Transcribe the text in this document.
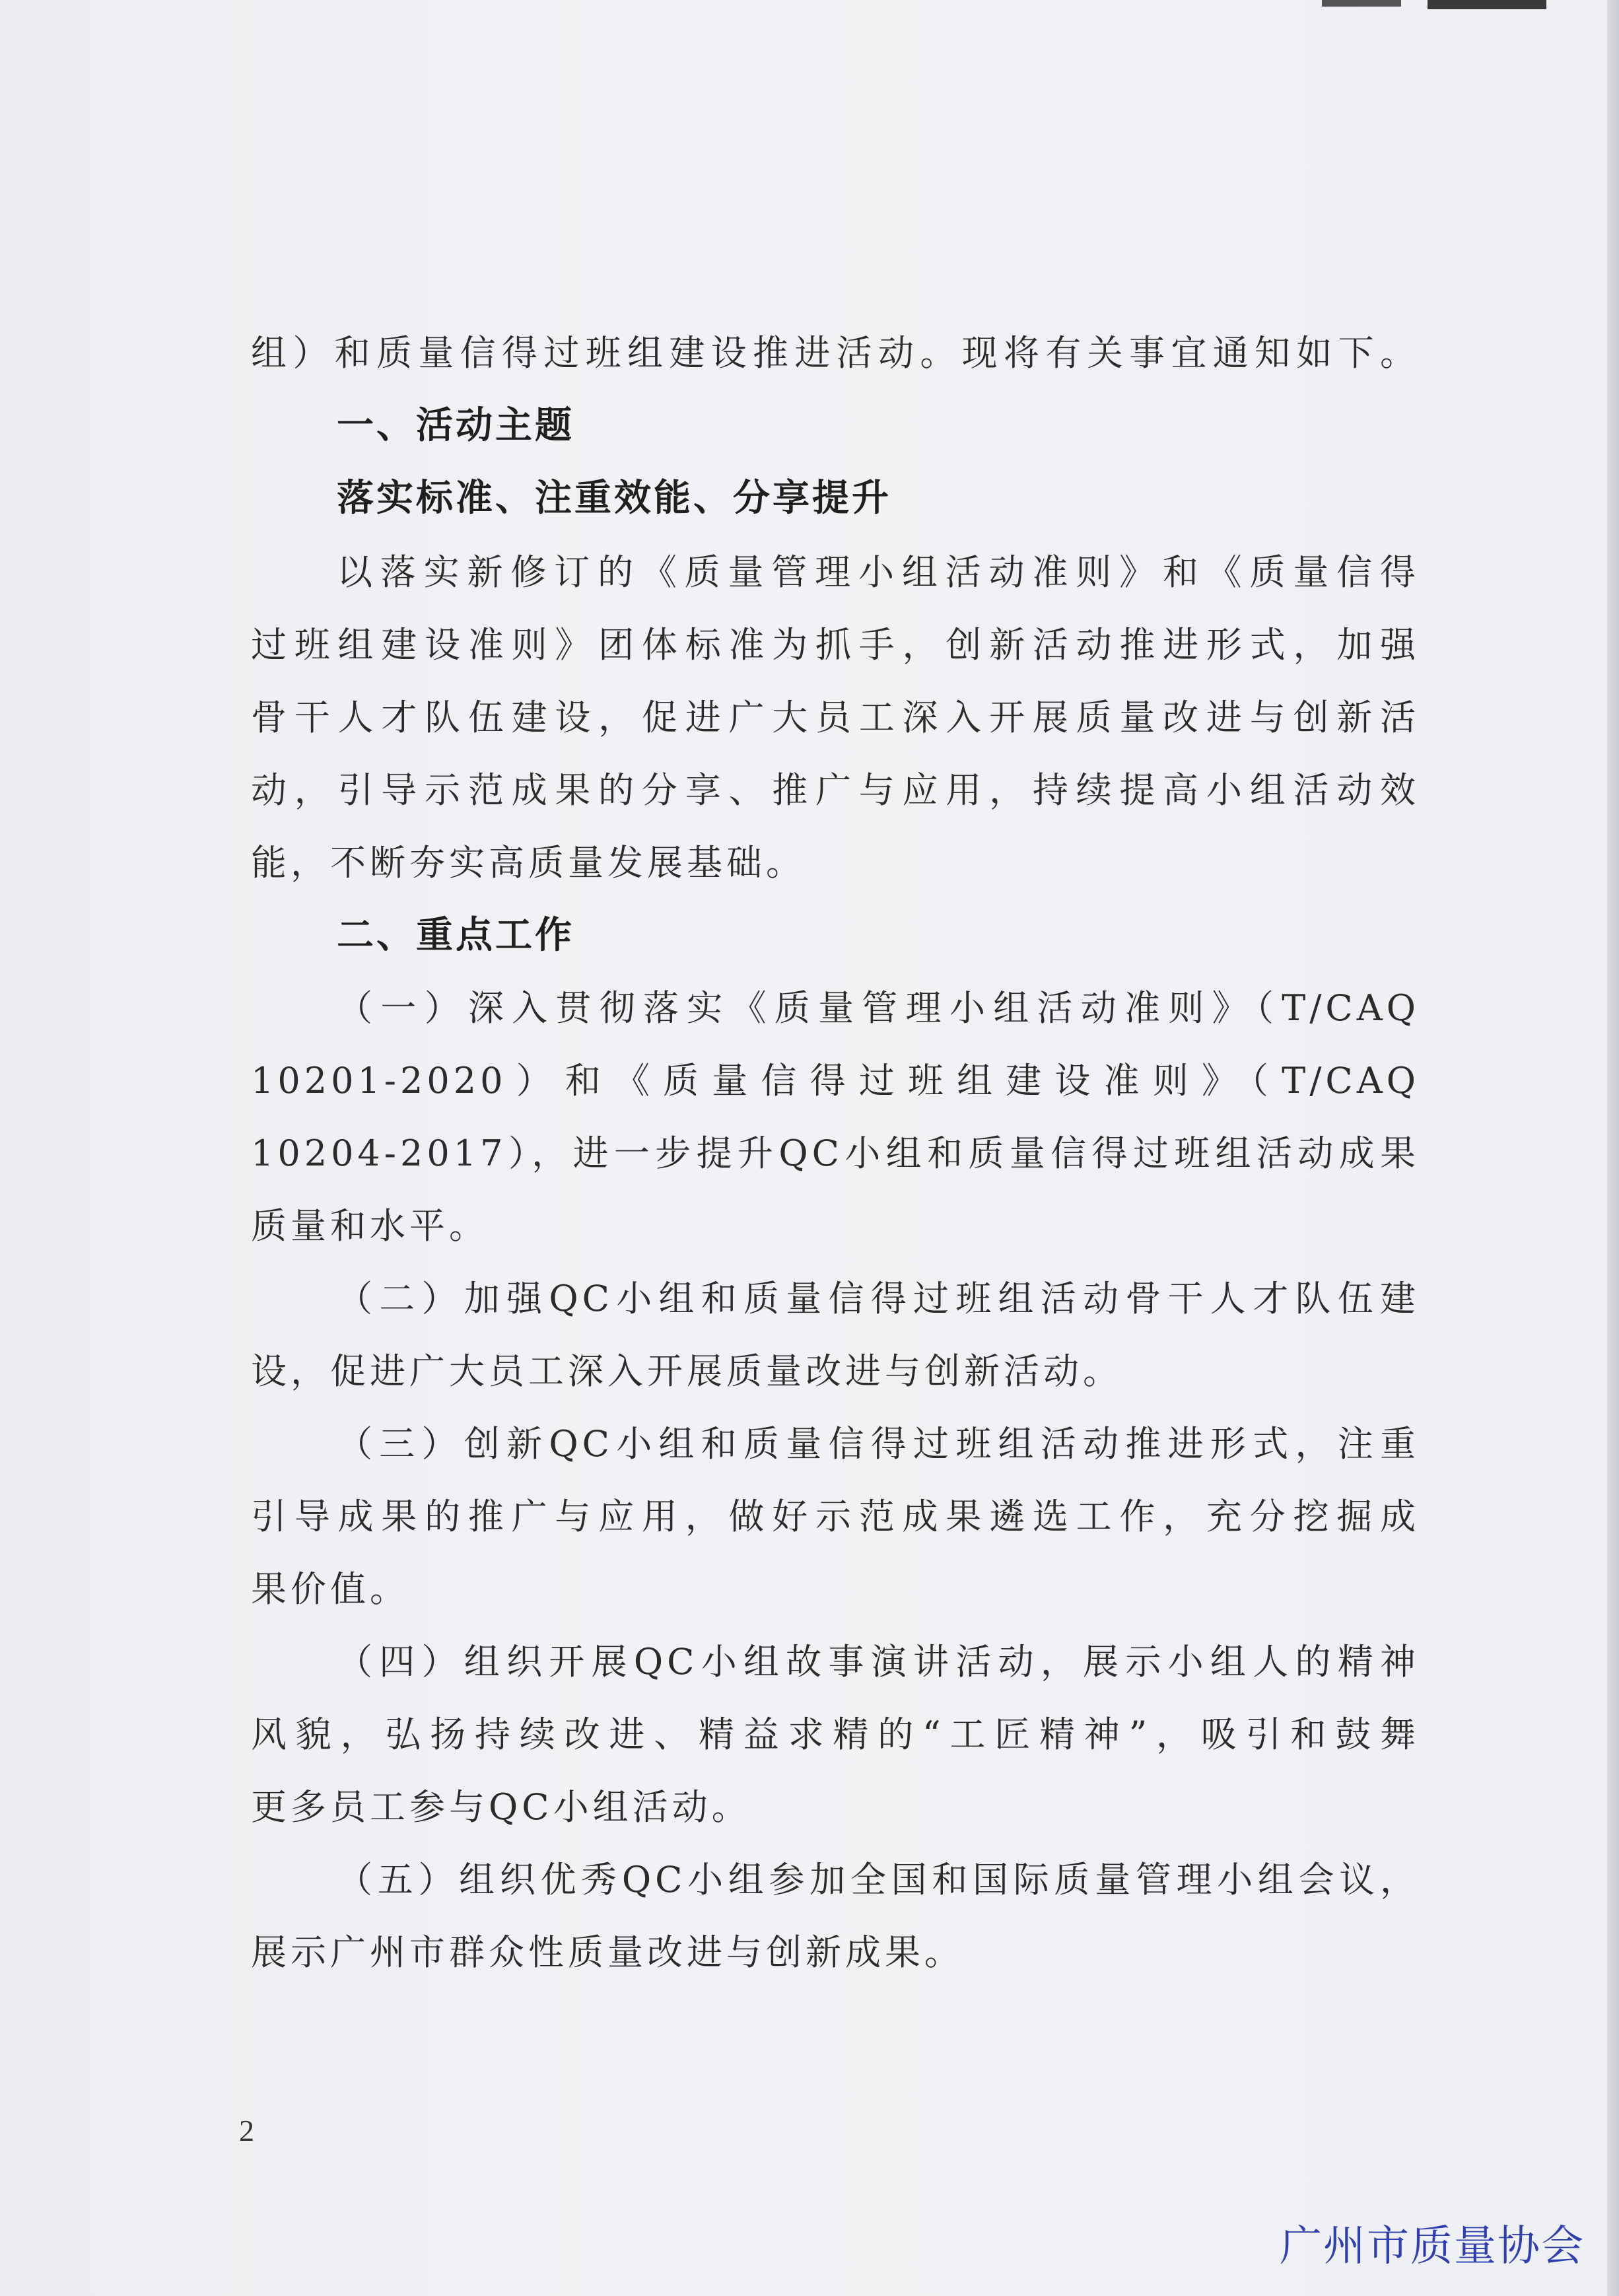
组）和质量信得过班组建设推进活动。现将有关事宜通知如下。
以落实新修订的《质量管理小组活动准则》和《质量信得
过班组建设准则》团体标准为抓手，创新活动推进形式，加强
骨干人才队伍建设，促进广大员工深入开展质量改进与创新活
动，引导示范成果的分享、推广与应用，持续提高小组活动效
能，不断夯实高质量发展基础。
（一）深入贯彻落实《质量管理小组活动准则》（T/CAQ
10201-2020）和《质量信得过班组建设准则》（T/CAQ
10204-2017），进一步提升QC小组和质量信得过班组活动成果
质量和水平。
（二）加强QC小组和质量信得过班组活动骨干人才队伍建
设，促进广大员工深入开展质量改进与创新活动。
（三）创新QC小组和质量信得过班组活动推进形式，注重
引导成果的推广与应用，做好示范成果遴选工作，充分挖掘成
果价值。
（四）组织开展QC小组故事演讲活动，展示小组人的精神
风貌，弘扬持续改进、精益求精的“工匠精神”，吸引和鼓舞
更多员工参与QC小组活动。
（五）组织优秀QC小组参加全国和国际质量管理小组会议，
展示广州市群众性质量改进与创新成果。
一、活动主题
落实标准、注重效能、分享提升
二、重点工作
2
广州市质量协会
